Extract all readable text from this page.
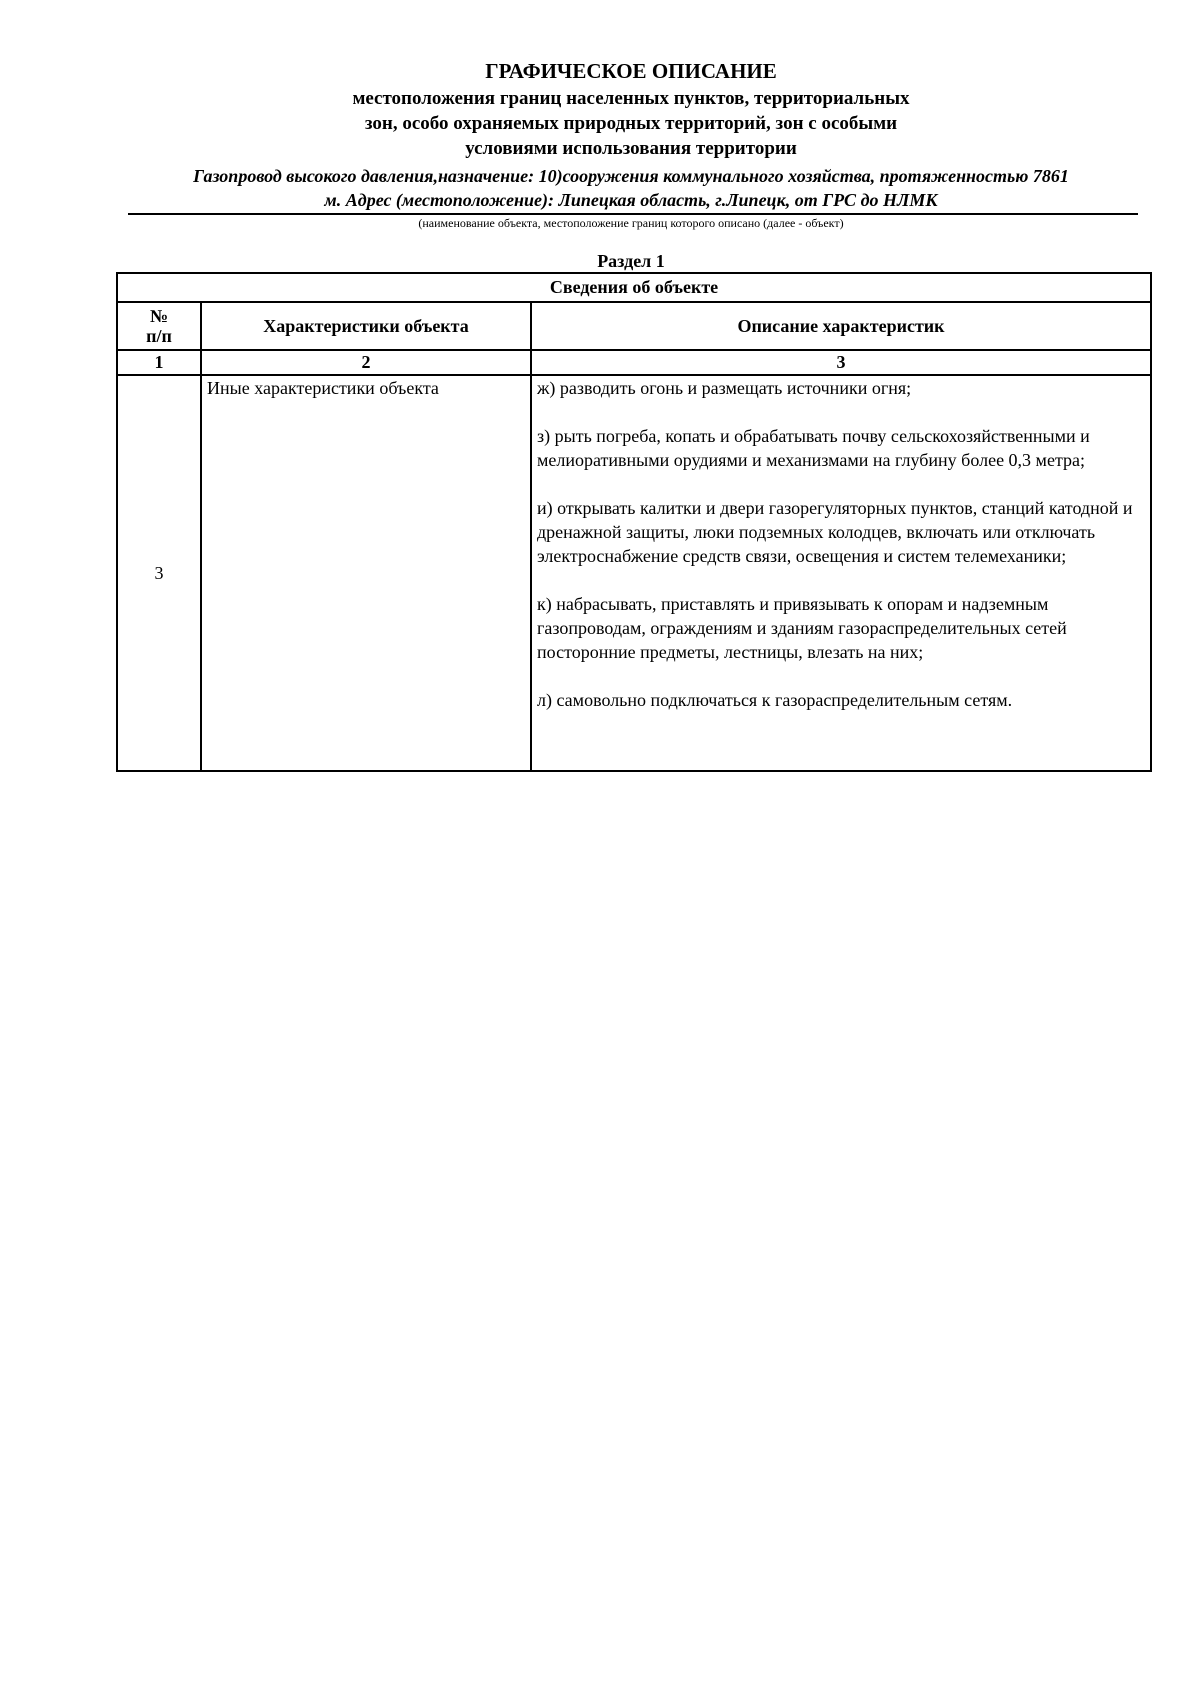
ГРАФИЧЕСКОЕ ОПИСАНИЕ
местоположения границ населенных пунктов, территориальных
зон, особо охраняемых природных территорий, зон с особыми
условиями использования территории
Газопровод высокого давления,назначение: 10)сооружения коммунального хозяйства, протяженностью 7861
м. Адрес (местоположение): Липецкая область, г.Липецк, от ГРС до НЛМК
(наименование объекта, местоположение границ которого описано (далее - объект)
Раздел 1
Сведения об объекте		
№
п/п	Характеристики объекта	Описание характеристик
1	2	3
3	Иные характеристики объекта	ж) разводить огонь и размещать источники огня;

з) рыть погреба, копать и обрабатывать почву сельскохозяйственными и мелиоративными орудиями и механизмами на глубину более 0,3 метра;

и) открывать калитки и двери газорегуляторных пунктов, станций катодной и дренажной защиты, люки подземных колодцев, включать или отключать электроснабжение средств связи, освещения и систем телемеханики;

к) набрасывать, приставлять и привязывать к опорам и надземным газопроводам, ограждениям и зданиям газораспределительных сетей посторонние предметы, лестницы, влезать на них;

л) самовольно подключаться к газораспределительным сетям.
